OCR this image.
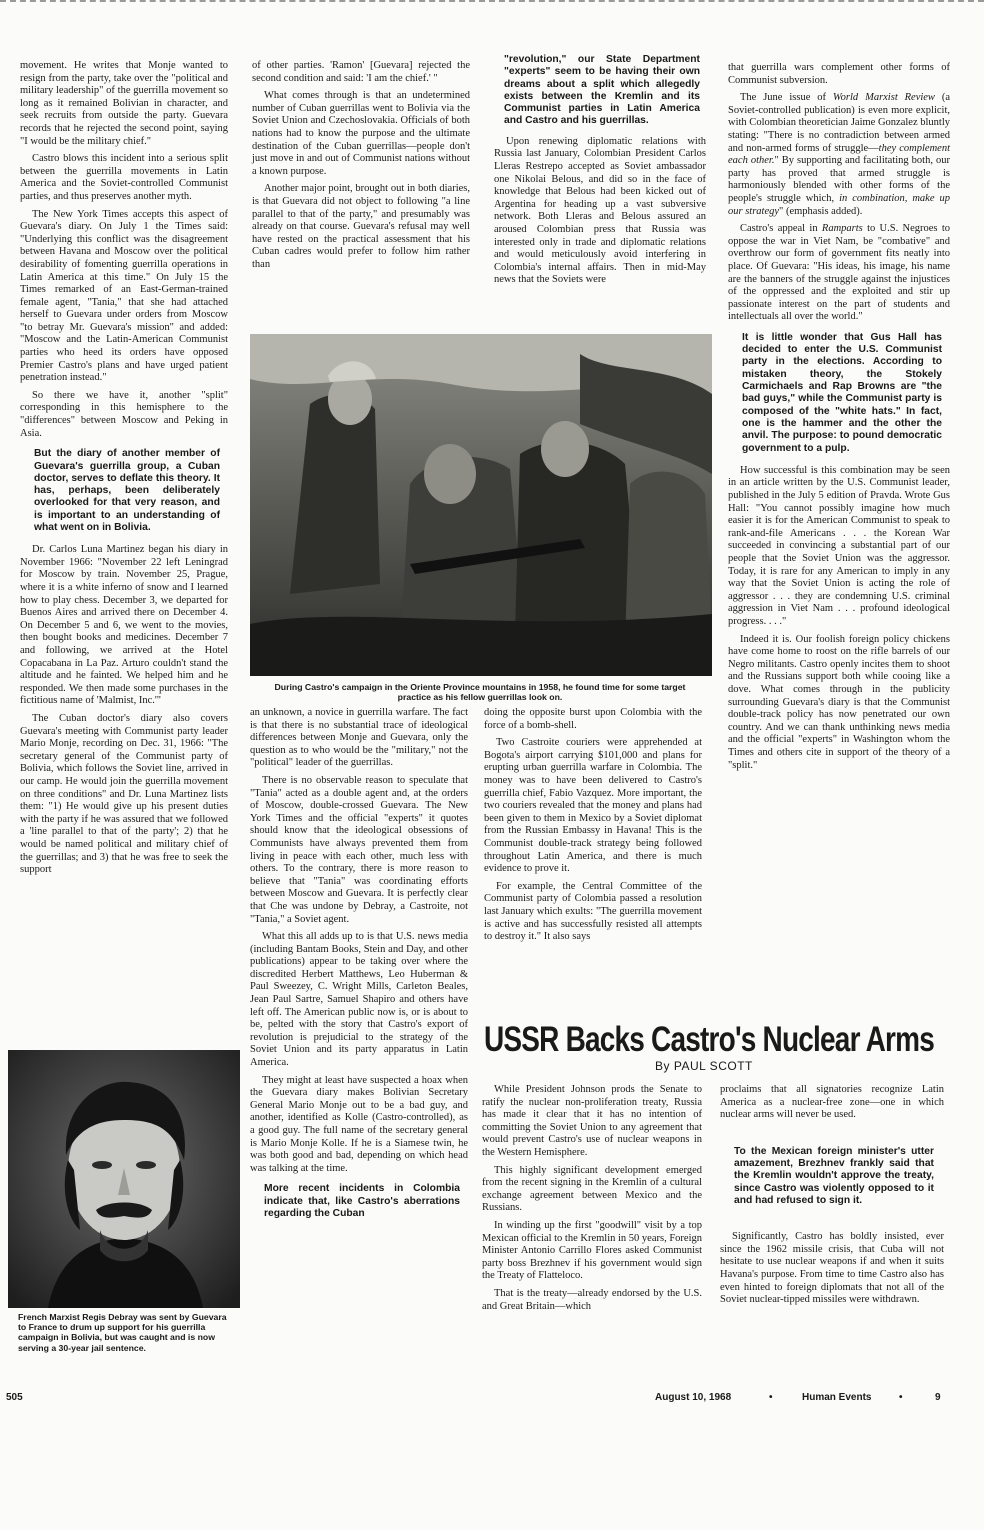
movement. He writes that Monje wanted to resign from the party, take over the "political and military leadership" of the guerrilla movement so long as it remained Bolivian in character, and seek recruits from outside the party. Guevara records that he rejected the second point, saying "I would be the military chief."

Castro blows this incident into a serious split between the guerrilla movements in Latin America and the Soviet-controlled Communist parties, and thus preserves another myth.

The New York Times accepts this aspect of Guevara's diary. On July 1 the Times said: "Underlying this conflict was the disagreement between Havana and Moscow over the political desirability of fomenting guerrilla operations in Latin America at this time." On July 15 the Times remarked of an East-German-trained female agent, "Tania," that she had attached herself to Guevara under orders from Moscow "to betray Mr. Guevara's mission" and added: "Moscow and the Latin-American Communist parties who heed its orders have opposed Premier Castro's plans and have urged patient penetration instead."

So there we have it, another "split" corresponding in this hemisphere to the "differences" between Moscow and Peking in Asia.

But the diary of another member of Guevara's guerrilla group, a Cuban doctor, serves to deflate this theory. It has, perhaps, been deliberately overlooked for that very reason, and is important to an understanding of what went on in Bolivia.

Dr. Carlos Luna Martinez began his diary in November 1966: "November 22 left Leningrad for Moscow by train. November 25, Prague, where it is a white inferno of snow and I learned how to play chess. December 3, we departed for Buenos Aires and arrived there on December 4. On December 5 and 6, we went to the movies, then bought books and medicines. December 7 and following, we arrived at the Hotel Copacabana in La Paz. Arturo couldn't stand the altitude and he fainted. We helped him and he responded. We then made some purchases in the fictitious name of 'Malmist, Inc.'"

The Cuban doctor's diary also covers Guevara's meeting with Communist party leader Mario Monje, recording on Dec. 31, 1966: "The secretary general of the Communist party of Bolivia, which follows the Soviet line, arrived in our camp. He would join the guerrilla movement on three conditions" and Dr. Luna Martinez lists them: "1) He would give up his present duties with the party if he was assured that we followed a 'line parallel to that of the party'; 2) that he would be named political and military chief of the guerrillas; and 3) that he was free to seek the support

French Marxist Regis Debray was sent by Guevara to France to drum up support for his guerrilla campaign in Bolivia, but was caught and is now serving a 30-year jail sentence.

of other parties. 'Ramon' [Guevara] rejected the second condition and said: 'I am the chief.' "

What comes through is that an undetermined number of Cuban guerrillas went to Bolivia via the Soviet Union and Czechoslovakia. Officials of both nations had to know the purpose and the ultimate destination of the Cuban guerrillas—people don't just move in and out of Communist nations without a known purpose.

Another major point, brought out in both diaries, is that Guevara did not object to following "a line parallel to that of the party," and presumably was already on that course. Guevara's refusal may well have rested on the practical assessment that his Cuban cadres would prefer to follow him rather than

"revolution," our State Department "experts" seem to be having their own dreams about a split which allegedly exists between the Kremlin and its Communist parties in Latin America and Castro and his guerrillas.

Upon renewing diplomatic relations with Russia last January, Colombian President Carlos Lleras Restrepo accepted as Soviet ambassador one Nikolai Belous, and did so in the face of knowledge that Belous had been kicked out of Argentina for heading up a vast subversive network. Both Lleras and Belous assured an aroused Colombian press that Russia was interested only in trade and diplomatic relations and would meticulously avoid interfering in Colombia's internal affairs. Then in mid-May news that the Soviets were

During Castro's campaign in the Oriente Province mountains in 1958, he found time for some target practice as his fellow guerrillas look on.

an unknown, a novice in guerrilla warfare. The fact is that there is no substantial trace of ideological differences between Monje and Guevara, only the question as to who would be the "military," not the "political" leader of the guerrillas.

There is no observable reason to speculate that "Tania" acted as a double agent and, at the orders of Moscow, double-crossed Guevara. The New York Times and the official "experts" it quotes should know that the ideological obsessions of Communists have always prevented them from living in peace with each other, much less with others. To the contrary, there is more reason to believe that "Tania" was coordinating efforts between Moscow and Guevara. It is perfectly clear that Che was undone by Debray, a Castroite, not "Tania," a Soviet agent.

What this all adds up to is that U.S. news media (including Bantam Books, Stein and Day, and other publications) appear to be taking over where the discredited Herbert Matthews, Leo Huberman & Paul Sweezey, C. Wright Mills, Carleton Beales, Jean Paul Sartre, Samuel Shapiro and others have left off. The American public now is, or is about to be, pelted with the story that Castro's export of revolution is prejudicial to the strategy of the Soviet Union and its party apparatus in Latin America.

They might at least have suspected a hoax when the Guevara diary makes Bolivian Secretary General Mario Monje out to be a bad guy, and another, identified as Kolle (Castro-controlled), as a good guy. The full name of the secretary general is Mario Monje Kolle. If he is a Siamese twin, he was both good and bad, depending on which head was talking at the time.

More recent incidents in Colombia indicate that, like Castro's aberrations regarding the Cuban

doing the opposite burst upon Colombia with the force of a bomb-shell.

Two Castroite couriers were apprehended at Bogota's airport carrying $101,000 and plans for erupting urban guerrilla warfare in Colombia. The money was to have been delivered to Castro's guerrilla chief, Fabio Vazquez. More important, the two couriers revealed that the money and plans had been given to them in Mexico by a Soviet diplomat from the Russian Embassy in Havana! This is the Communist double-track strategy being followed throughout Latin America, and there is much evidence to prove it.

For example, the Central Committee of the Communist party of Colombia passed a resolution last January which exults: "The guerrilla movement is active and has successfully resisted all attempts to destroy it." It also says

that guerrilla wars complement other forms of Communist subversion.

The June issue of World Marxist Review (a Soviet-controlled publication) is even more explicit, with Colombian theoretician Jaime Gonzalez bluntly stating: "There is no contradiction between armed and non-armed forms of struggle—they complement each other." By supporting and facilitating both, our party has proved that armed struggle is harmoniously blended with other forms of the people's struggle which, in combination, make up our strategy" (emphasis added).

Castro's appeal in Ramparts to U.S. Negroes to oppose the war in Viet Nam, be "combative" and overthrow our form of government fits neatly into place. Of Guevara: "His ideas, his image, his name are the banners of the struggle against the injustices of the oppressed and the exploited and stir up passionate interest on the part of students and intellectuals all over the world."

It is little wonder that Gus Hall has decided to enter the U.S. Communist party in the elections. According to mistaken theory, the Stokely Carmichaels and Rap Browns are "the bad guys," while the Communist party is composed of the "white hats." In fact, one is the hammer and the other the anvil. The purpose: to pound democratic government to a pulp.

How successful is this combination may be seen in an article written by the U.S. Communist leader, published in the July 5 edition of Pravda. Wrote Gus Hall: "You cannot possibly imagine how much easier it is for the American Communist to speak to rank-and-file Americans . . . the Korean War succeeded in convincing a substantial part of our people that the Soviet Union was the aggressor. Today, it is rare for any American to imply in any way that the Soviet Union is acting the role of aggressor . . . they are condemning U.S. criminal aggression in Viet Nam . . . profound ideological progress. . . ."

Indeed it is. Our foolish foreign policy chickens have come home to roost on the rifle barrels of our Negro militants. Castro openly incites them to shoot and the Russians support both while cooing like a dove. What comes through in the publicity surrounding Guevara's diary is that the Communist double-track policy has now penetrated our own country. And we can thank unthinking news media and the official "experts" in Washington whom the Times and others cite in support of the theory of a "split."

USSR Backs Castro's Nuclear Arms
By PAUL SCOTT

While President Johnson prods the Senate to ratify the nuclear non-proliferation treaty, Russia has made it clear that it has no intention of committing the Soviet Union to any agreement that would prevent Castro's use of nuclear weapons in the Western Hemisphere.

This highly significant development emerged from the recent signing in the Kremlin of a cultural exchange agreement between Mexico and the Russians.

In winding up the first "goodwill" visit by a top Mexican official to the Kremlin in 50 years, Foreign Minister Antonio Carrillo Flores asked Communist party boss Brezhnev if his government would sign the Treaty of Flatteloco.

That is the treaty—already endorsed by the U.S. and Great Britain—which

proclaims that all signatories recognize Latin America as a nuclear-free zone—one in which nuclear arms will never be used.

To the Mexican foreign minister's utter amazement, Brezhnev frankly said that the Kremlin wouldn't approve the treaty, since Castro was violently opposed to it and had refused to sign it.

Significantly, Castro has boldly insisted, ever since the 1962 missile crisis, that Cuba will not hesitate to use nuclear weapons if and when it suits Havana's purpose. From time to time Castro also has even hinted to foreign diplomats that not all of the Soviet nuclear-tipped missiles were withdrawn.

505	August 10, 1968	•	Human Events	•	9
